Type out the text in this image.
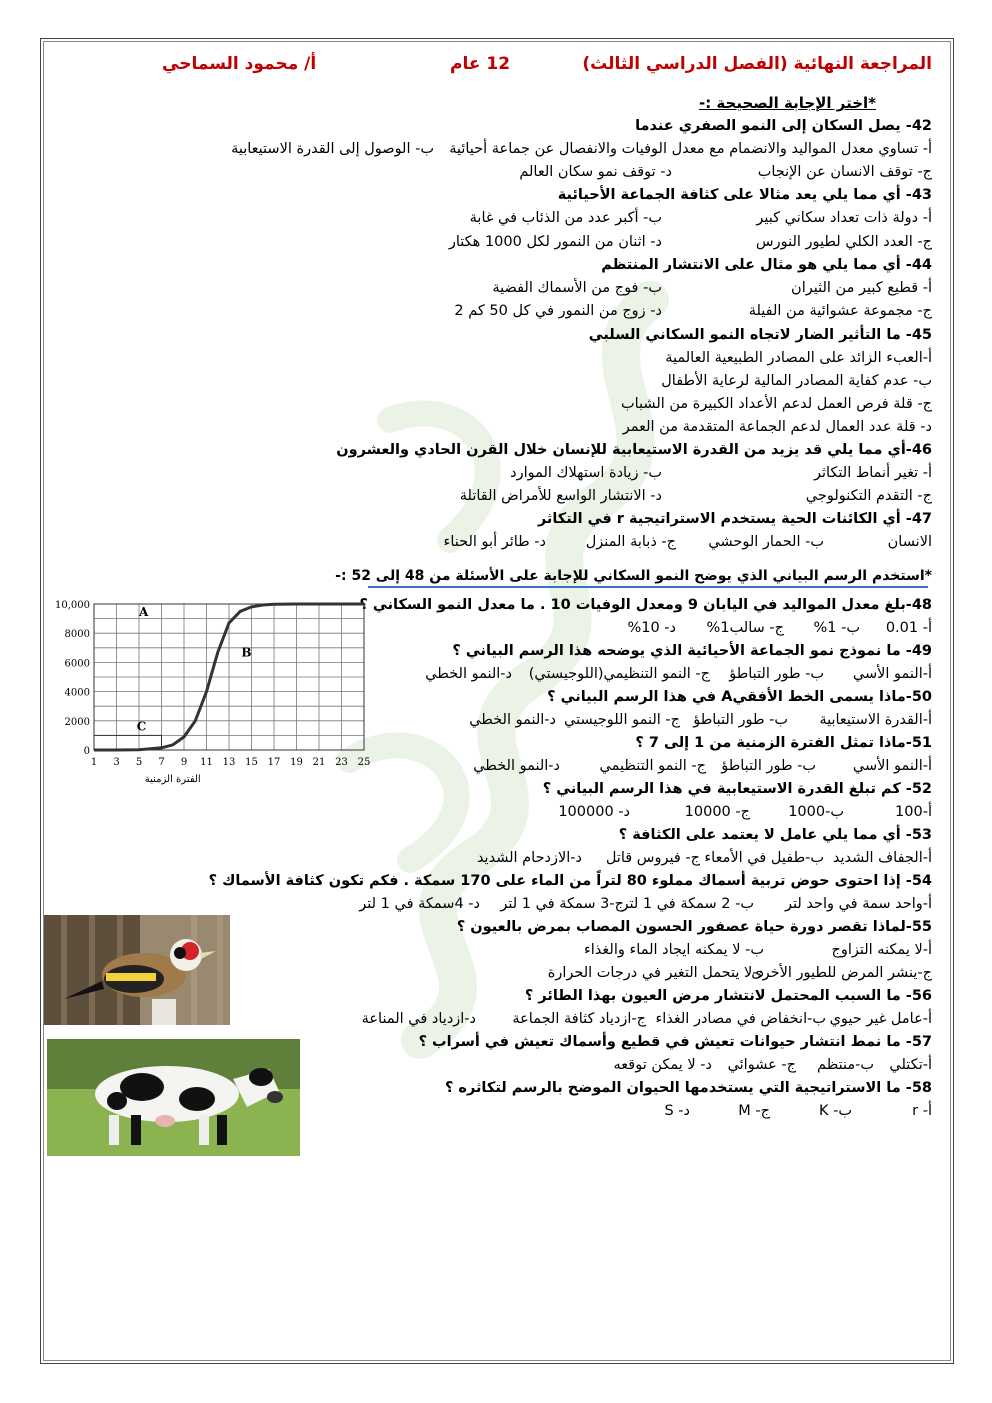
المراجعة النهائية (الفصل الدراسي الثالث)
12 عام
أ/ محمود السماحي
*اختر الإجابة الصحيحة :-
42- يصل السكان إلى النمو الصفري عندما
أ- تساوي معدل المواليد والانضمام مع معدل الوفيات والانفصال عن جماعة أحيائية
ب- الوصول إلى القدرة الاستيعابية
ج- توقف الانسان عن الإنجاب
د- توقف نمو سكان العالم
43- أي مما يلي يعد مثالا على كثافة الجماعة الأحيائية
أ- دولة ذات تعداد سكاني كبير
ب- أكبر عدد من الذئاب في غابة
ج- العدد الكلي لطيور النورس
د- اثنان من النمور لكل 1000 هكتار
44- أي مما يلي هو مثال على الانتشار المنتظم
أ- قطيع كبير من الثيران
ب- فوج من الأسماك الفضية
ج- مجموعة عشوائية من الفيلة
د- زوج من النمور في كل 50 كم 2
45- ما التأثير الضار لاتجاه النمو السكاني السلبي
أ-العبء الزائد على المصادر الطبيعية العالمية
ب- عدم كفاية المصادر المالية لرعاية الأطفال
ج- قلة فرص العمل لدعم الأعداد الكبيرة من الشباب
د- قلة عدد العمال لدعم الجماعة المتقدمة من العمر
46-أي مما يلي قد يزيد من القدرة الاستيعابية للإنسان خلال القرن الحادي والعشرون
أ- تغير أنماط التكاثر
ب- زيادة استهلاك الموارد
ج- التقدم التكنولوجي
د- الانتشار الواسع للأمراض القاتلة
47- أي الكائنات الحية يستخدم الاستراتيجية r في التكاثر
الانسان
ب- الحمار الوحشي
ج- ذبابة المنزل
د- طائر أبو الحناء
*استخدم الرسم البياني الذي يوضح النمو السكاني للإجابة على الأسئلة من 48 إلى 52 :-
48-بلغ معدل المواليد في اليابان 9 ومعدل الوفيات 10 . ما معدل النمو السكاني ؟
أ- 0.01
ب- 1%
ج- سالب1%
د- 10%
49- ما نموذج نمو الجماعة الأحيائية الذي يوضحه هذا الرسم البياني ؟
أ-النمو الأسي
ب- طور التباطؤ
ج- النمو التنظيمي(اللوجيستي)
د-النمو الخطي
50-ماذا يسمى الخط الأفقيA في هذا الرسم البياني ؟
أ-القدرة الاستيعابية
ب- طور التباطؤ
ج- النمو اللوجيستي
د-النمو الخطي
51-ماذا تمثل الفترة الزمنية من 1 إلى 7 ؟
أ-النمو الأسي
ب- طور التباطؤ
ج- النمو التنظيمي
د-النمو الخطي
52- كم تبلغ القدرة الاستيعابية في هذا الرسم البياني ؟
أ-100
ب-1000
ج- 10000
د- 100000
53- أي مما يلي عامل لا يعتمد على الكثافة ؟
أ-الجفاف الشديد
ب-طفيل في الأمعاء
ج- فيروس قاتل
د-الازدحام الشديد
54- إذا احتوى حوض تربية أسماك مملوء 80 لتراً من الماء على 170 سمكة . فكم تكون كثافة الأسماك ؟
أ-واحد سمة في واحد لتر
ب- 2 سمكة في 1 لتر
ج-3 سمكة في 1 لتر
د- 4سمكة في 1 لتر
55-لماذا تقصر دورة حياة عصفور الحسون المصاب بمرض بالعيون ؟
أ-لا يمكنه التزاوج
ب- لا يمكنه ايجاد الماء والغذاء
ج-ينشر المرض للطيور الأخرى
د-لا يتحمل التغير في درجات الحرارة
56- ما السبب المحتمل لانتشار مرض العيون بهذا الطائر ؟
أ-عامل غير حيوي
ب-انخفاض في مصادر الغذاء
ج-ازدياد كثافة الجماعة
د-ازدياد في المناعة
57- ما نمط انتشار حيوانات تعيش في قطيع وأسماك تعيش في أسراب ؟
أ-تكتلي
ب-منتظم
ج- عشوائي
د- لا يمكن توقعه
58- ما الاستراتيجية التي يستخدمها الحيوان الموضح بالرسم لتكاثره ؟
أ- r
ب- K
ج- M
د- S
0
2000
4000
6000
8000
10,000
1 3 5 7 9 11 13 15 17 19 21 23 25
A
B
C
الفترة الزمنية
